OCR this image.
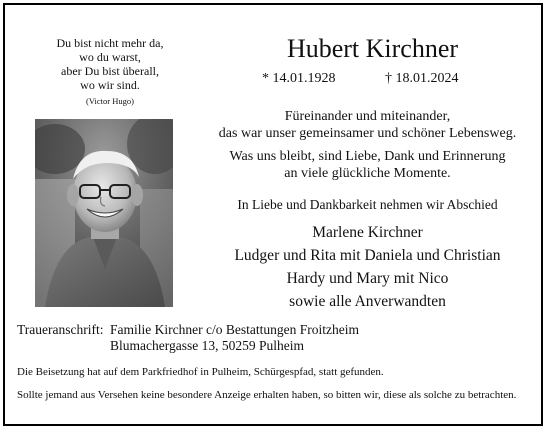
Du bist nicht mehr da,
wo du warst,
aber Du bist überall,
wo wir sind.
(Victor Hugo)
Hubert Kirchner
* 14.01.1928	† 18.01.2024
Füreinander und miteinander,
das war unser gemeinsamer und schöner Lebensweg.
Was uns bleibt, sind Liebe, Dank und Erinnerung
an viele glückliche Momente.
In Liebe und Dankbarkeit nehmen wir Abschied
Marlene Kirchner
Ludger und Rita mit Daniela und Christian
Hardy und Mary mit Nico
sowie alle Anverwandten
Traueranschrift: Familie Kirchner c/o Bestattungen Froitzheim
Blumachergasse 13, 50259 Pulheim
Die Beisetzung hat auf dem Parkfriedhof in Pulheim, Schürgespfad, statt gefunden.
Sollte jemand aus Versehen keine besondere Anzeige erhalten haben, so bitten wir, diese als solche zu betrachten.
